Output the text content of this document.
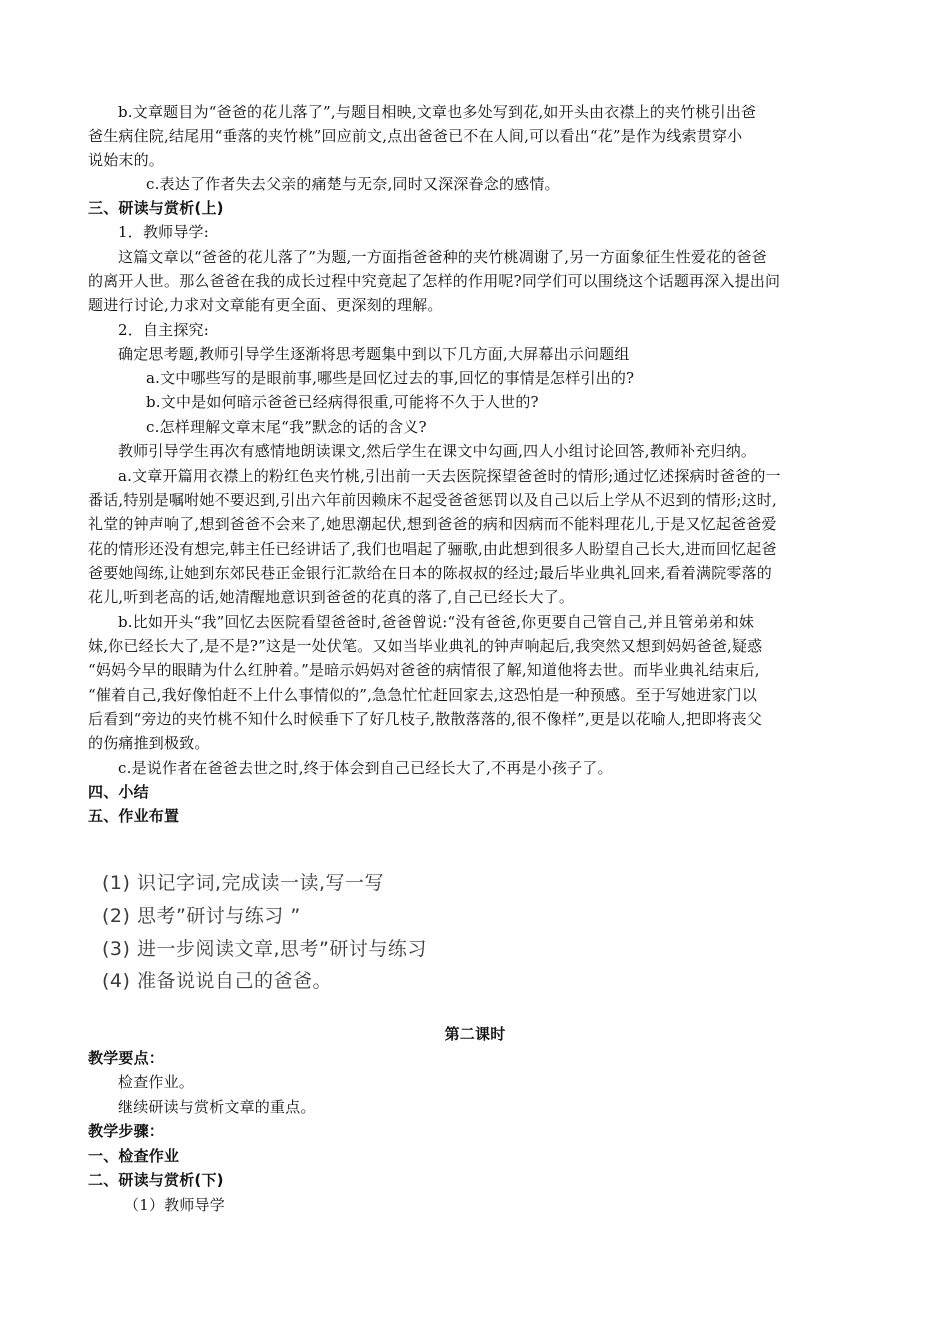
b.文章题目为“爸爸的花儿落了”,与题目相映,文章也多处写到花,如开头由衣襟上的夹竹桃引出爸
爸生病住院,结尾用“垂落的夹竹桃”回应前文,点出爸爸已不在人间,可以看出“花”是作为线索贯穿小
说始末的。
c.表达了作者失去父亲的痛楚与无奈,同时又深深眷念的感情。
三、研读与赏析(上)
1．教师导学:
这篇文章以“爸爸的花儿落了”为题,一方面指爸爸种的夹竹桃凋谢了,另一方面象征生性爱花的爸爸
的离开人世。那么爸爸在我的成长过程中究竟起了怎样的作用呢?同学们可以围绕这个话题再深入提出问
题进行讨论,力求对文章能有更全面、更深刻的理解。
2．自主探究:
确定思考题,教师引导学生逐渐将思考题集中到以下几方面,大屏幕出示问题组
a.文中哪些写的是眼前事,哪些是回忆过去的事,回忆的事情是怎样引出的?
b.文中是如何暗示爸爸已经病得很重,可能将不久于人世的?
c.怎样理解文章末尾“我”默念的话的含义?
教师引导学生再次有感情地朗读课文,然后学生在课文中勾画,四人小组讨论回答,教师补充归纳。
a.文章开篇用衣襟上的粉红色夹竹桃,引出前一天去医院探望爸爸时的情形;通过忆述探病时爸爸的一
番话,特别是嘱咐她不要迟到,引出六年前因赖床不起受爸爸惩罚以及自己以后上学从不迟到的情形;这时,
礼堂的钟声响了,想到爸爸不会来了,她思潮起伏,想到爸爸的病和因病而不能料理花儿,于是又忆起爸爸爱
花的情形还没有想完,韩主任已经讲话了,我们也唱起了骊歌,由此想到很多人盼望自己长大,进而回忆起爸
爸要她闯练,让她到东郊民巷正金银行汇款给在日本的陈叔叔的经过;最后毕业典礼回来,看着满院零落的
花儿,听到老高的话,她清醒地意识到爸爸的花真的落了,自己已经长大了。
b.比如开头“我”回忆去医院看望爸爸时,爸爸曾说:“没有爸爸,你更要自己管自己,并且管弟弟和妹
妹,你已经长大了,是不是?”这是一处伏笔。又如当毕业典礼的钟声响起后,我突然又想到妈妈爸爸,疑惑
“妈妈今早的眼睛为什么红肿着。”是暗示妈妈对爸爸的病情很了解,知道他将去世。而毕业典礼结束后,
“催着自己,我好像怕赶不上什么事情似的”,急急忙忙赶回家去,这恐怕是一种预感。至于写她进家门以
后看到“旁边的夹竹桃不知什么时候垂下了好几枝子,散散落落的,很不像样”,更是以花喻人,把即将丧父
的伤痛推到极致。
c.是说作者在爸爸去世之时,终于体会到自己已经长大了,不再是小孩子了。
四、小结
五、作业布置
(1) 识记字词,完成读一读,写一写
(2) 思考”研讨与练习 ”
(3) 进一步阅读文章,思考”研讨与练习
(4) 准备说说自己的爸爸。
第二课时
教学要点：
检查作业。
继续研读与赏析文章的重点。
教学步骤：
一、检查作业
二、研读与赏析(下)
（1）教师导学
